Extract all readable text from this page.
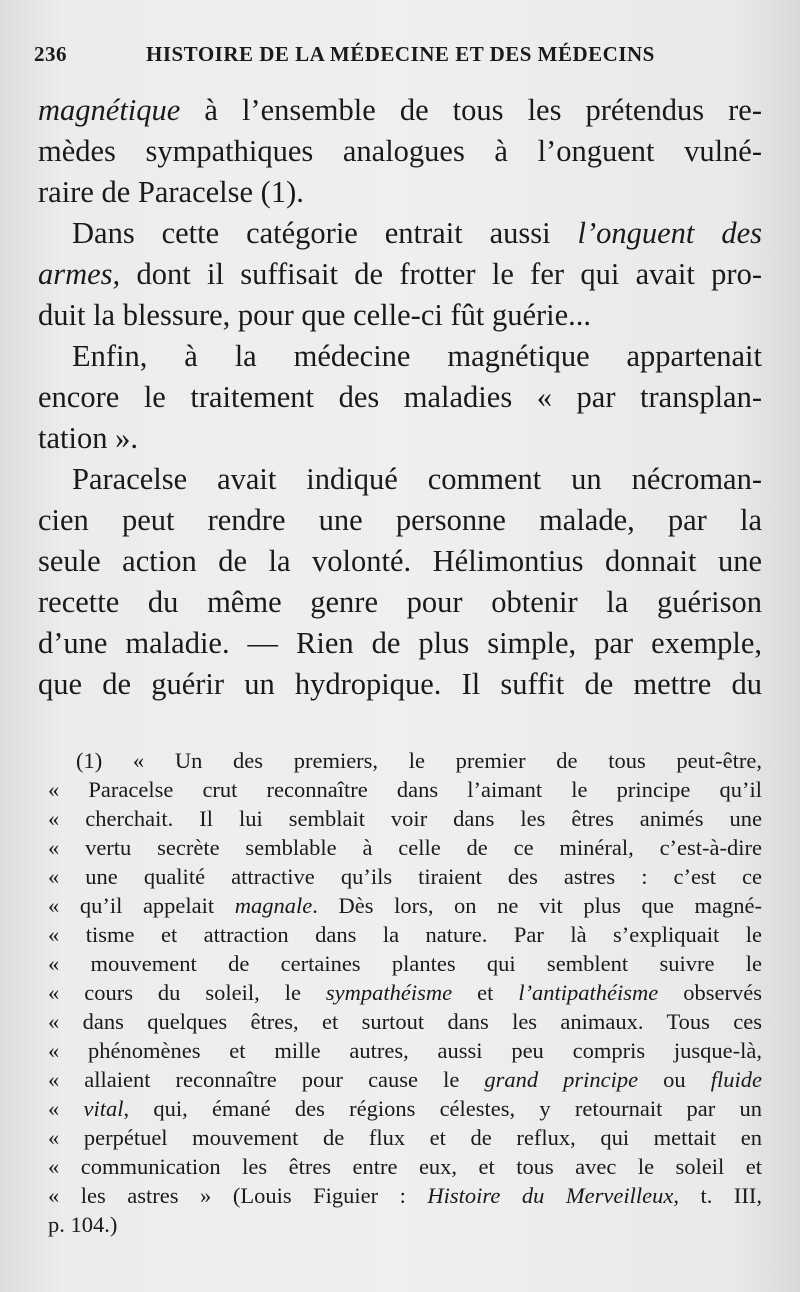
236	HISTOIRE DE LA MÉDECINE ET DES MÉDECINS
magnétique à l’ensemble de tous les prétendus re-
mèdes sympathiques analogues à l’onguent vulné-
raire de Paracelse (1).
Dans cette catégorie entrait aussi l’onguent des
armes, dont il suffisait de frotter le fer qui avait pro-
duit la blessure, pour que celle-ci fût guérie...
Enfin, à la médecine magnétique appartenait
encore le traitement des maladies « par transplan-
tation ».
Paracelse avait indiqué comment un nécroman-
cien peut rendre une personne malade, par la
seule action de la volonté. Hélimontius donnait une
recette du même genre pour obtenir la guérison
d’une maladie. — Rien de plus simple, par exemple,
que de guérir un hydropique. Il suffit de mettre du
(1) « Un des premiers, le premier de tous peut-être,
« Paracelse crut reconnaître dans l’aimant le principe qu’il
« cherchait. Il lui semblait voir dans les êtres animés une
« vertu secrète semblable à celle de ce minéral, c’est-à-dire
« une qualité attractive qu’ils tiraient des astres : c’est ce
« qu’il appelait magnale. Dès lors, on ne vit plus que magné-
« tisme et attraction dans la nature. Par là s’expliquait le
« mouvement de certaines plantes qui semblent suivre le
« cours du soleil, le sympathéisme et l’antipathéisme observés
« dans quelques êtres, et surtout dans les animaux. Tous ces
« phénomènes et mille autres, aussi peu compris jusque-là,
« allaient reconnaître pour cause le grand principe ou fluide
« vital, qui, émané des régions célestes, y retournait par un
« perpétuel mouvement de flux et de reflux, qui mettait en
« communication les êtres entre eux, et tous avec le soleil et
« les astres » (Louis Figuier : Histoire du Merveilleux, t. III,
p. 104.)
